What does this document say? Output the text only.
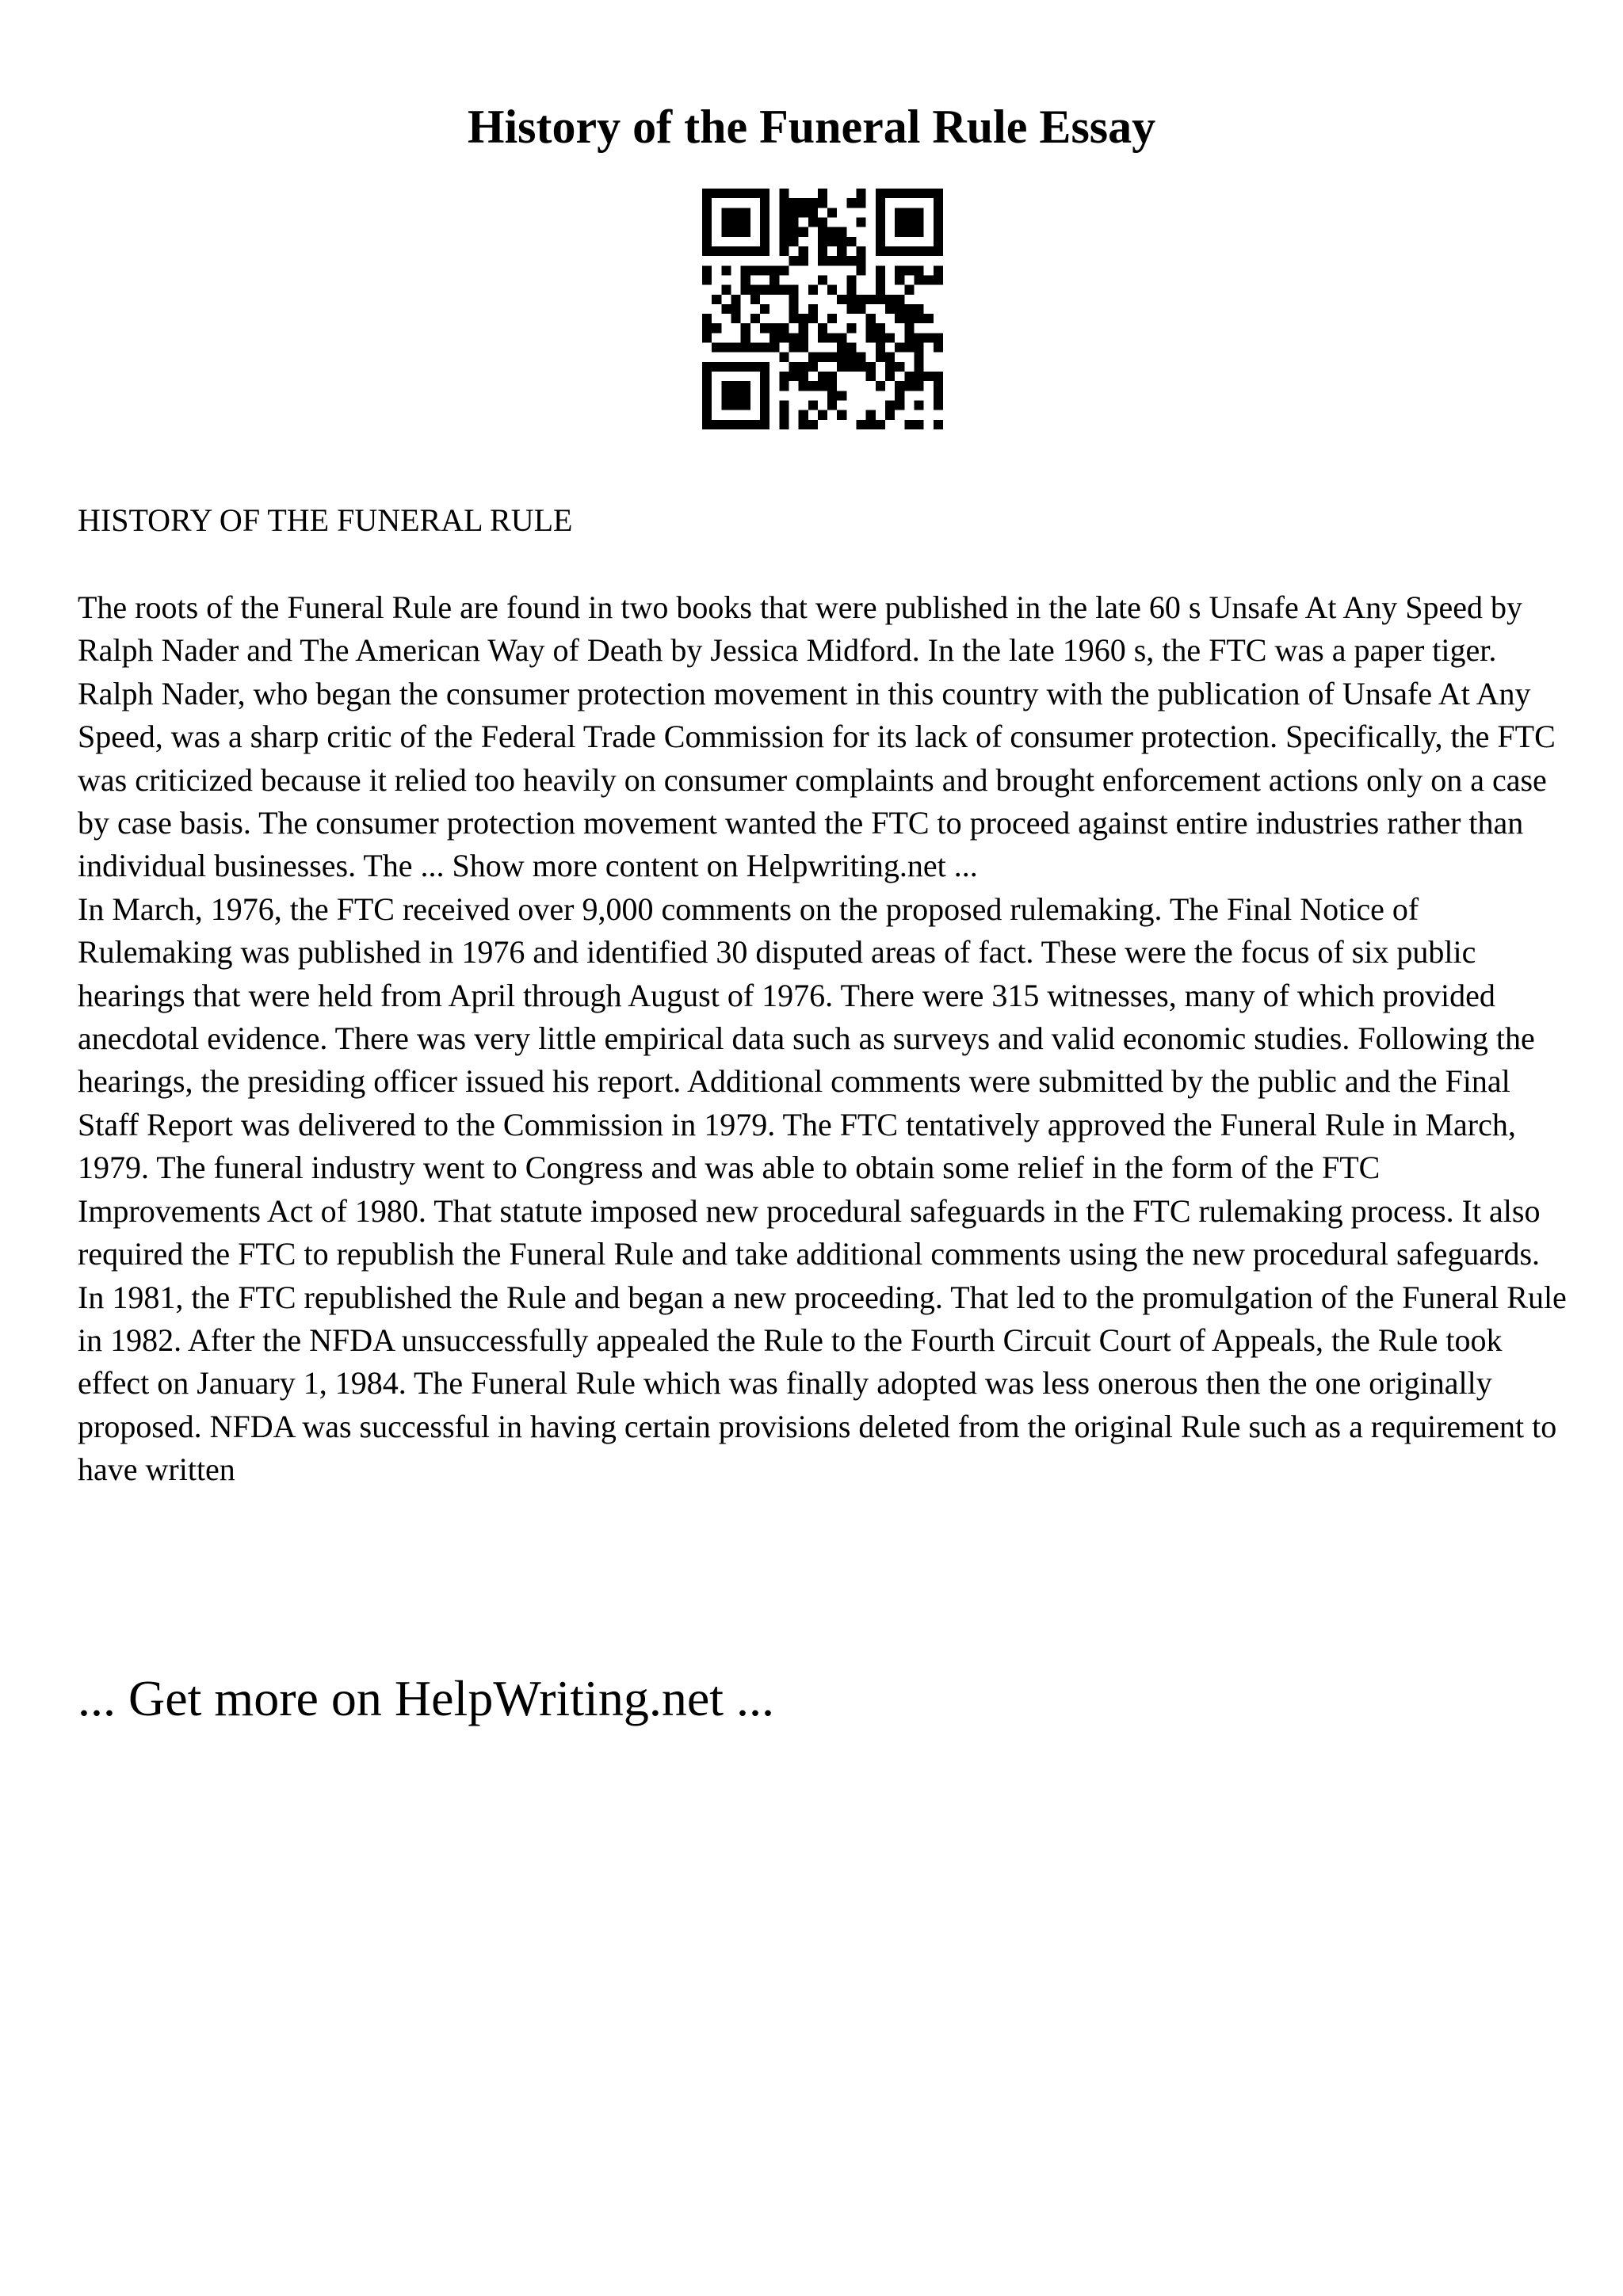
History of the Funeral Rule Essay

HISTORY OF THE FUNERAL RULE

The roots of the Funeral Rule are found in two books that were published in the late 60 s Unsafe At Any Speed by Ralph Nader and The American Way of Death by Jessica Midford. In the late 1960 s, the FTC was a paper tiger. Ralph Nader, who began the consumer protection movement in this country with the publication of Unsafe At Any Speed, was a sharp critic of the Federal Trade Commission for its lack of consumer protection. Specifically, the FTC was criticized because it relied too heavily on consumer complaints and brought enforcement actions only on a case by case basis. The consumer protection movement wanted the FTC to proceed against entire industries rather than individual businesses. The ... Show more content on Helpwriting.net ...

In March, 1976, the FTC received over 9,000 comments on the proposed rulemaking. The Final Notice of Rulemaking was published in 1976 and identified 30 disputed areas of fact. These were the focus of six public hearings that were held from April through August of 1976. There were 315 witnesses, many of which provided anecdotal evidence. There was very little empirical data such as surveys and valid economic studies. Following the hearings, the presiding officer issued his report. Additional comments were submitted by the public and the Final Staff Report was delivered to the Commission in 1979. The FTC tentatively approved the Funeral Rule in March, 1979. The funeral industry went to Congress and was able to obtain some relief in the form of the FTC Improvements Act of 1980. That statute imposed new procedural safeguards in the FTC rulemaking process. It also required the FTC to republish the Funeral Rule and take additional comments using the new procedural safeguards. In 1981, the FTC republished the Rule and began a new proceeding. That led to the promulgation of the Funeral Rule in 1982. After the NFDA unsuccessfully appealed the Rule to the Fourth Circuit Court of Appeals, the Rule took effect on January 1, 1984. The Funeral Rule which was finally adopted was less onerous then the one originally proposed. NFDA was successful in having certain provisions deleted from the original Rule such as a requirement to have written

... Get more on HelpWriting.net ...
